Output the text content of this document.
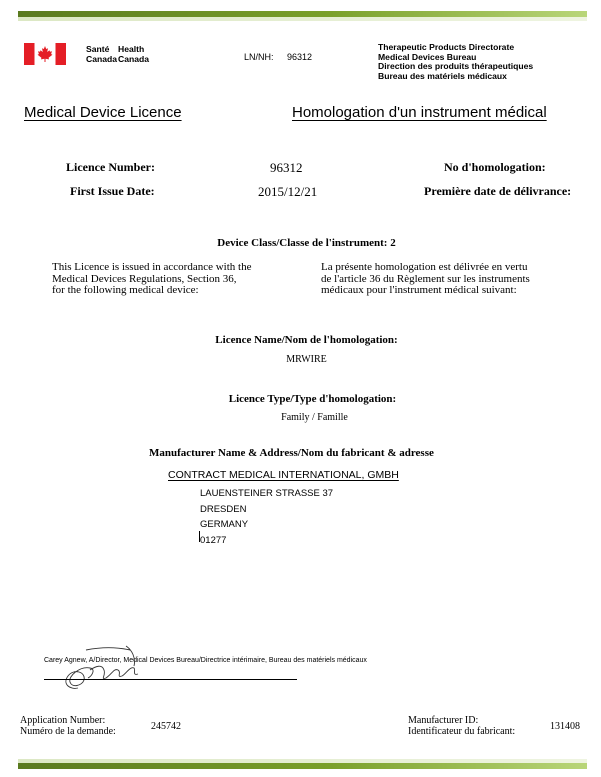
Santé
Canada
Health
Canada	LN/NH: 96312
Therapeutic Products Directorate
Medical Devices Bureau
Direction des produits thérapeutiques
Bureau des matériels médicaux
Medical Device Licence	Homologation d'un instrument médical
Licence Number:	96312	No d'homologation:
First Issue Date:	2015/12/21	Première date de délivrance:
Device Class/Classe de l'instrument: 2
This Licence is issued in accordance with the
Medical Devices Regulations, Section 36,
for the following medical device:
La présente homologation est délivrée en vertu
de l'article 36 du Règlement sur les instruments
médicaux pour l'instrument médical suivant:
Licence Name/Nom de l'homologation:
MRWIRE
Licence Type/Type d'homologation:
Family / Famille
Manufacturer Name & Address/Nom du fabricant & adresse
CONTRACT MEDICAL INTERNATIONAL, GMBH
LAUENSTEINER STRASSE 37
DRESDEN
GERMANY
01277
Carey Agnew, A/Director, Medical Devices Bureau/Directrice intérimaire, Bureau des matériels médicaux
Application Number:
Numéro de la demande:	245742
Manufacturer ID:
Identificateur du fabricant:	131408
